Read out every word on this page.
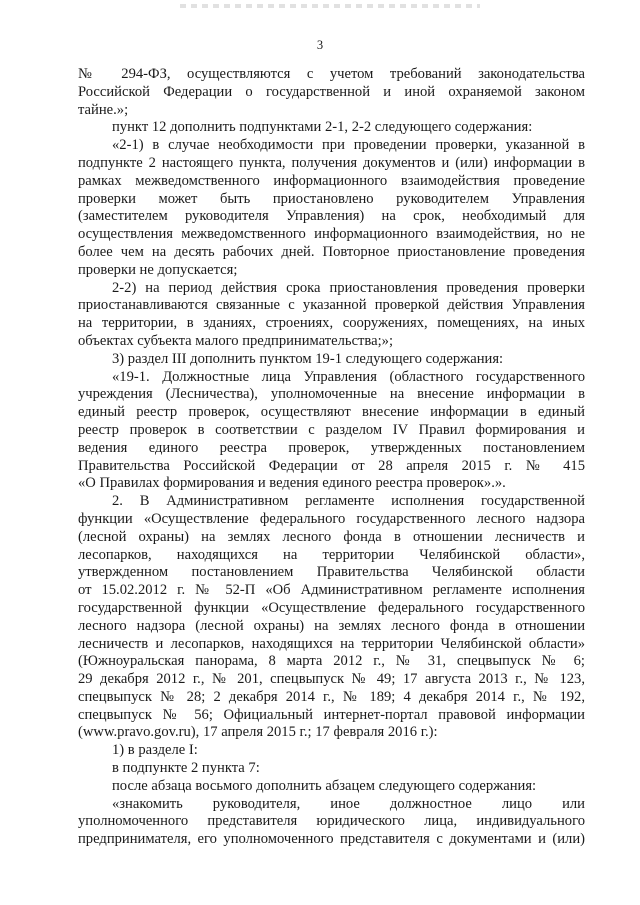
3
№ 294-ФЗ, осуществляются с учетом требований законодательства
Российской Федерации о государственной и иной охраняемой законом
тайне.»;
пункт 12 дополнить подпунктами 2-1, 2-2 следующего содержания:
«2-1) в случае необходимости при проведении проверки, указанной в
подпункте 2 настоящего пункта, получения документов и (или) информации в
рамках межведомственного информационного взаимодействия проведение
проверки может быть приостановлено руководителем Управления
(заместителем руководителя Управления) на срок, необходимый для
осуществления межведомственного информационного взаимодействия, но не
более чем на десять рабочих дней. Повторное приостановление проведения
проверки не допускается;
2-2) на период действия срока приостановления проведения проверки
приостанавливаются связанные с указанной проверкой действия Управления
на территории, в зданиях, строениях, сооружениях, помещениях, на иных
объектах субъекта малого предпринимательства;»;
3) раздел III дополнить пунктом 19-1 следующего содержания:
«19-1. Должностные лица Управления (областного государственного
учреждения (Лесничества), уполномоченные на внесение информации в
единый реестр проверок, осуществляют внесение информации в единый
реестр проверок в соответствии с разделом IV Правил формирования и
ведения единого реестра проверок, утвержденных постановлением
Правительства Российской Федерации от 28 апреля 2015 г. № 415
«О Правилах формирования и ведения единого реестра проверок».».
2. В Административном регламенте исполнения государственной
функции «Осуществление федерального государственного лесного надзора
(лесной охраны) на землях лесного фонда в отношении лесничеств и
лесопарков, находящихся на территории Челябинской области»,
утвержденном постановлением Правительства Челябинской области
от 15.02.2012 г. № 52-П «Об Административном регламенте исполнения
государственной функции «Осуществление федерального государственного
лесного надзора (лесной охраны) на землях лесного фонда в отношении
лесничеств и лесопарков, находящихся на территории Челябинской области»
(Южноуральская панорама, 8 марта 2012 г., № 31, спецвыпуск № 6;
29 декабря 2012 г., № 201, спецвыпуск № 49; 17 августа 2013 г., № 123,
спецвыпуск № 28; 2 декабря 2014 г., № 189; 4 декабря 2014 г., № 192,
спецвыпуск № 56; Официальный интернет-портал правовой информации
(www.pravo.gov.ru), 17 апреля 2015 г.; 17 февраля 2016 г.):
1) в разделе I:
в подпункте 2 пункта 7:
после абзаца восьмого дополнить абзацем следующего содержания:
«знакомить руководителя, иное должностное лицо или
уполномоченного представителя юридического лица, индивидуального
предпринимателя, его уполномоченного представителя с документами и (или)
